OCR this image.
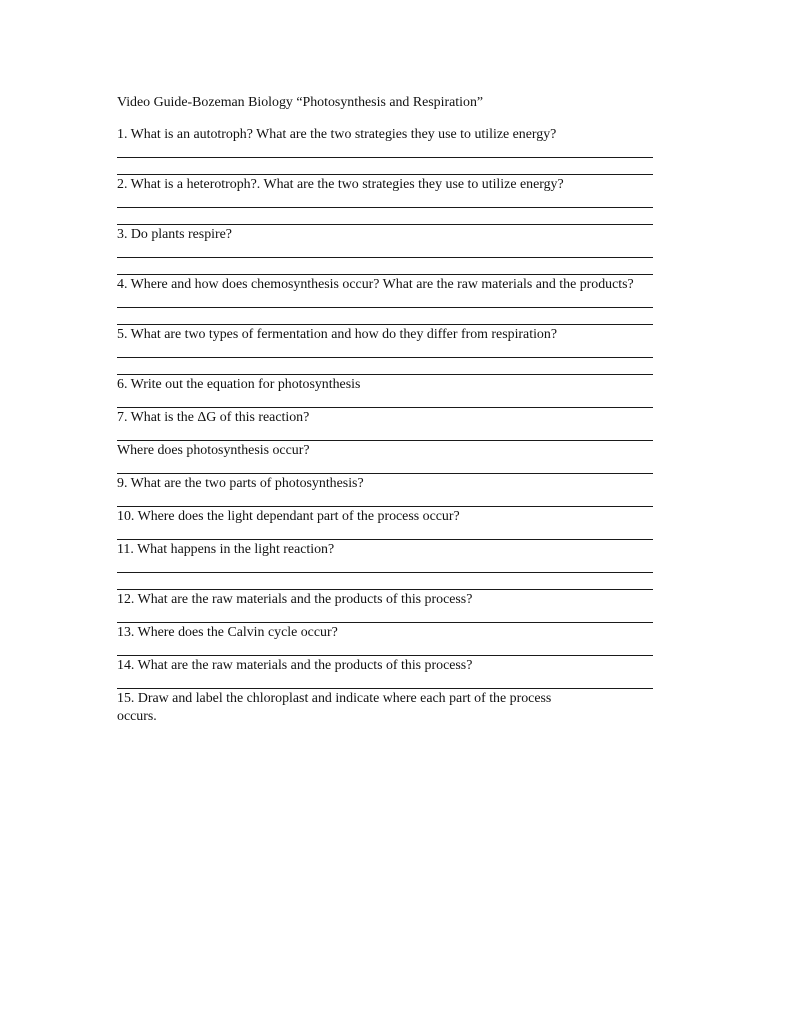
Video Guide-Bozeman Biology “Photosynthesis and Respiration”
1. What is an autotroph? What are the two strategies they use to utilize energy?
2. What is a heterotroph?. What are the two strategies they use to utilize energy?
3. Do plants respire?
4. Where and how does chemosynthesis occur? What are the raw materials and the products?
5. What are two types of fermentation and how do they differ from respiration?
6. Write out the equation for photosynthesis
7. What is the ΔG of this reaction?
Where does photosynthesis occur?
9. What are the two parts of photosynthesis?
10. Where does the light dependant part of the process occur?
11. What happens in the light reaction?
12. What are the raw materials and the products of this process?
13. Where does the Calvin cycle occur?
14. What are the raw materials and the products of this process?
15. Draw and label the chloroplast and indicate where each part of the process occurs.
